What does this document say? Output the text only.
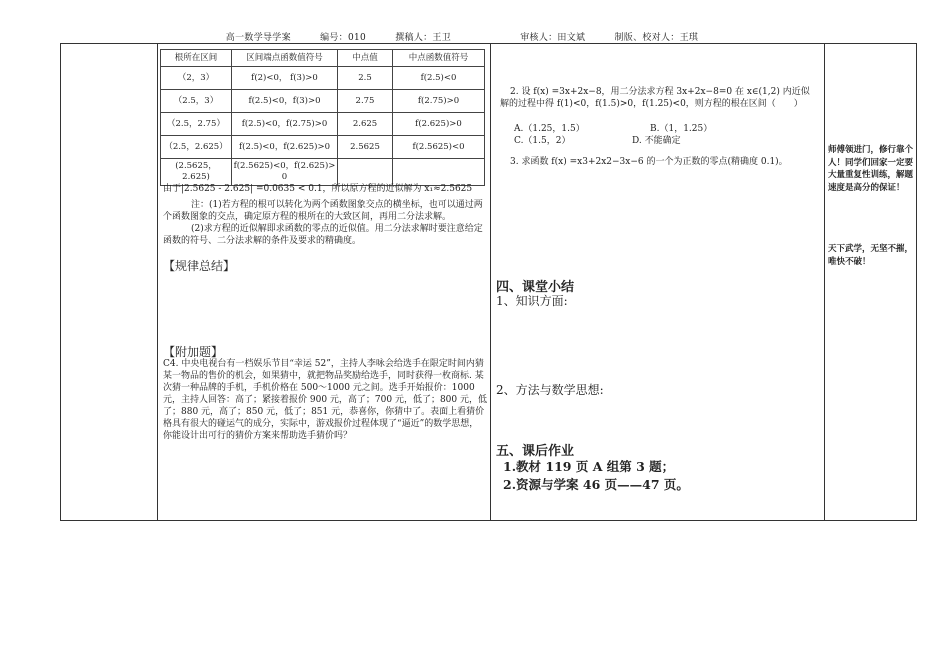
高一数学导学案	编号：010	撰稿人：王卫	审核人：田文斌	制版、校对人：王琪
根所在区间	区间端点函数值符号	中点值	中点函数值符号
（2，3）	f(2)<0， f(3)>0	2.5	f(2.5)<0
（2.5，3）	f(2.5)<0，f(3)>0	2.75	f(2.75)>0
（2.5，2.75）	f(2.5)<0，f(2.75)>0	2.625	f(2.625)>0
（2.5，2.625）	f(2.5)<0，f(2.625)>0	2.5625	f(2.5625)<0
(2.5625，2.625)	f(2.5625)<0，f(2.625)> 0		
由于|2.5625 - 2.625| =0.0635 < 0.1，所以原方程的近似解为 x₁≈2.5625
注：(1)若方程的根可以转化为两个函数图象交点的横坐标，也可以通过两个函数图象的交点，确定原方程的根所在的大致区间，再用二分法求解。
(2)求方程的近似解即求函数的零点的近似值。用二分法求解时要注意给定函数的符号、二分法求解的条件及要求的精确度。
【规律总结】
【附加题】
C4. 中央电视台有一档娱乐节目“幸运 52”，主持人李咏会给选手在限定时间内猜某一物品的售价的机会，如果猜中，就把物品奖励给选手，同时获得一枚商标. 某次猜一种品牌的手机，手机价格在 500～1000 元之间。选手开始报价：1000 元，主持人回答：高了；紧接着报价 900 元，高了；700 元，低了；800 元，低了；880 元，高了；850 元，低了；851 元，恭喜你，你猜中了。表面上看猜价格具有很大的碰运气的成分，实际中，游戏报价过程体现了“逼近”的数学思想，你能设计出可行的猜价方案来帮助选手猜价吗？
2. 设 f(x) =3x+2x−8，用二分法求方程 3x+2x−8=0 在 x∈(1,2) 内近似解的过程中得 f(1)<0，f(1.5)>0，f(1.25)<0，则方程的根在区间（　　）
A.（1.25，1.5）	B.（1，1.25）
C.（1.5，2）	D. 不能确定
3. 求函数 f(x) =x3+2x2−3x−6 的一个为正数的零点(精确度 0.1)。
四、课堂小结
1、知识方面:
2、方法与数学思想:
五、课后作业
1.教材 119 页 A 组第 3 题；
2.资源与学案 46 页——47 页。
师傅领进门，修行靠个人！同学们回家一定要大量重复性训练，解题速度是高分的保证！
天下武学，无坚不摧，唯快不破！
